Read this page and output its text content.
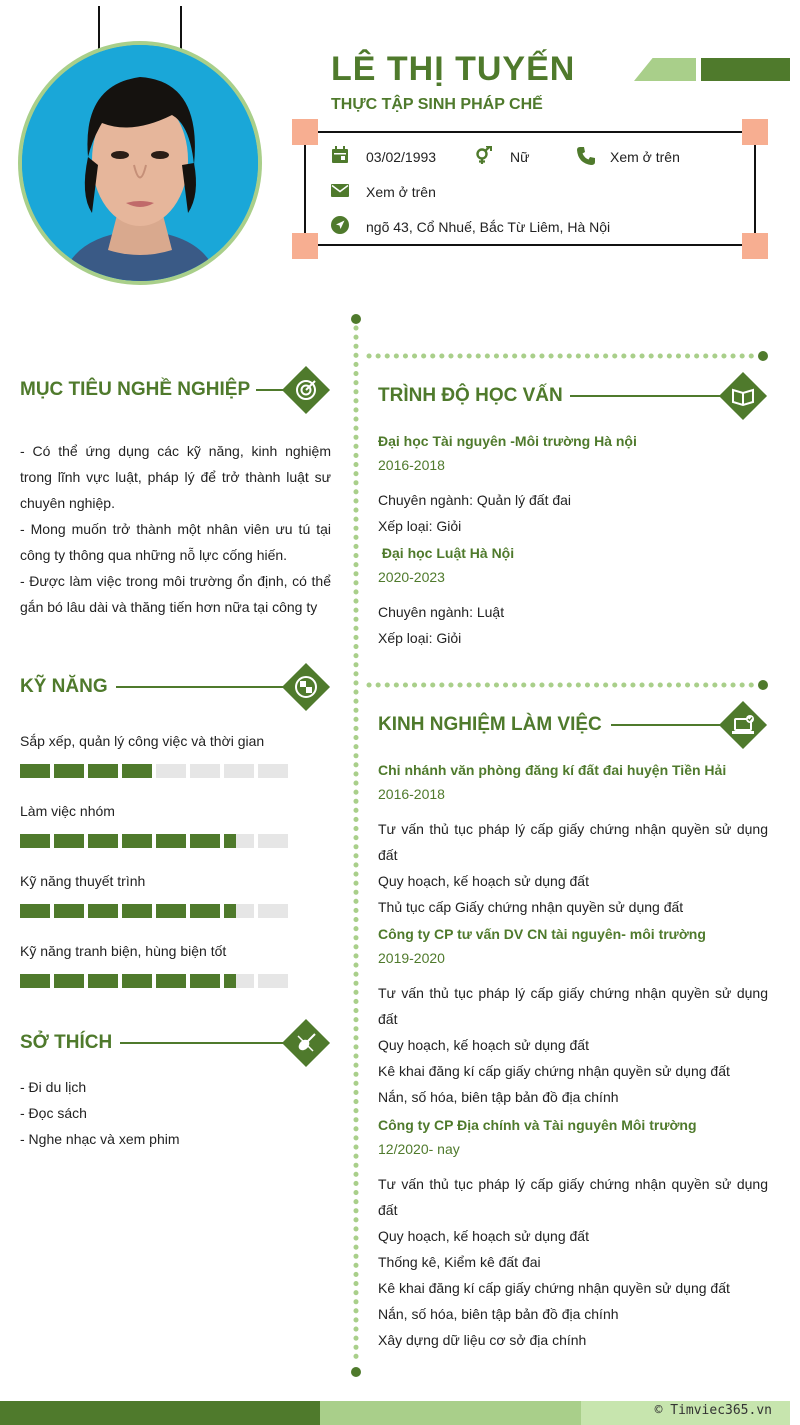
LÊ THỊ TUYẾN
THỰC TẬP SINH PHÁP CHẾ
03/02/1993	Nữ	Xem ở trên
Xem ở trên
ngõ 43, Cổ Nhuế, Bắc Từ Liêm, Hà Nội
MỤC TIÊU NGHỀ NGHIỆP
- Có thể ứng dụng các kỹ năng, kinh nghiệm trong lĩnh vực luật, pháp lý để trở thành luật sư chuyên nghiệp.
- Mong muốn trở thành một nhân viên ưu tú tại công ty thông qua những nỗ lực cống hiến.
- Được làm việc trong môi trường ổn định, có thể gắn bó lâu dài và thăng tiến hơn nữa tại công ty
KỸ NĂNG
Sắp xếp, quản lý công việc và thời gian
Làm việc nhóm
Kỹ năng thuyết trình
Kỹ năng tranh biện, hùng biện tốt
SỞ THÍCH
- Đi du lịch
- Đọc sách
- Nghe nhạc và xem phim
TRÌNH ĐỘ HỌC VẤN
Đại học Tài nguyên -Môi trường Hà nội
2016-2018
Chuyên ngành: Quản lý đất đai
Xếp loại: Giỏi
Đại học Luật Hà Nội
2020-2023
Chuyên ngành: Luật
Xếp loại: Giỏi
KINH NGHIỆM LÀM VIỆC
Chi nhánh văn phòng đăng kí đất đai huyện Tiền Hải
2016-2018
Tư vấn thủ tục pháp lý cấp giấy chứng nhận quyền sử dụng đất
Quy hoạch, kế hoạch sử dụng đất
Thủ tục cấp Giấy chứng nhận quyền sử dụng đất
Công ty CP tư vấn DV CN tài nguyên- môi trường
2019-2020
Tư vấn thủ tục pháp lý cấp giấy chứng nhận quyền sử dụng đất
Quy hoạch, kế hoạch sử dụng đất
Kê khai đăng kí cấp giấy chứng nhận quyền sử dụng đất
Nắn, số hóa, biên tập bản đồ địa chính
Công ty CP Địa chính và Tài nguyên Môi trường
12/2020- nay
Tư vấn thủ tục pháp lý cấp giấy chứng nhận quyền sử dụng đất
Quy hoạch, kế hoạch sử dụng đất
Thống kê, Kiểm kê đất đai
Kê khai đăng kí cấp giấy chứng nhận quyền sử dụng đất
Nắn, số hóa, biên tập bản đồ địa chính
Xây dựng dữ liệu cơ sở địa chính
© Timviec365.vn
